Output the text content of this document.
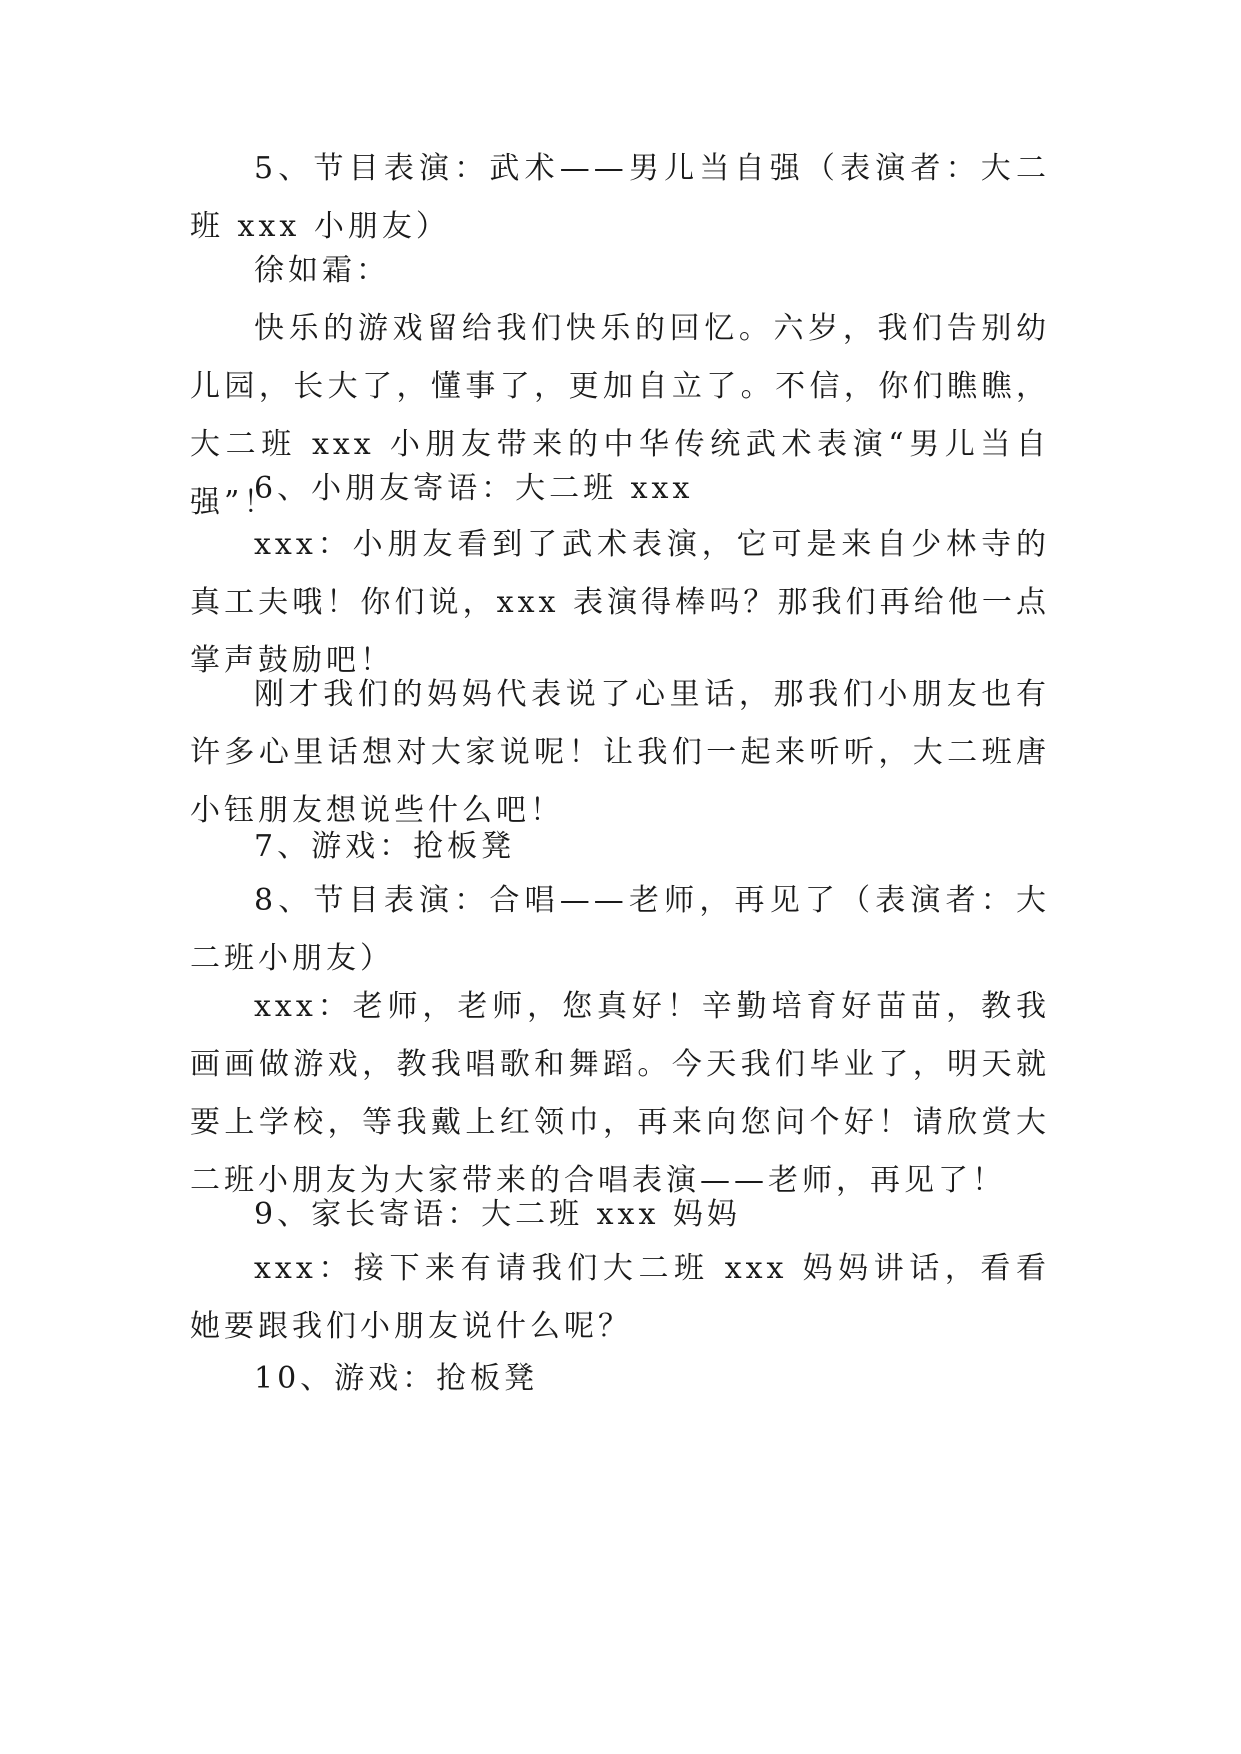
5、节目表演：武术——男儿当自强（表演者：大二班 xxx 小朋友）

徐如霜：

快乐的游戏留给我们快乐的回忆。六岁，我们告别幼儿园，长大了，懂事了，更加自立了。不信，你们瞧瞧，大二班 xxx 小朋友带来的中华传统武术表演“男儿当自强”！

6、小朋友寄语：大二班 xxx

xxx：小朋友看到了武术表演，它可是来自少林寺的真工夫哦！你们说，xxx 表演得棒吗？那我们再给他一点掌声鼓励吧！

刚才我们的妈妈代表说了心里话，那我们小朋友也有许多心里话想对大家说呢！让我们一起来听听，大二班唐小钰朋友想说些什么吧！

7、游戏：抢板凳

8、节目表演：合唱——老师，再见了（表演者：大二班小朋友）

xxx：老师，老师，您真好！辛勤培育好苗苗，教我画画做游戏，教我唱歌和舞蹈。今天我们毕业了，明天就要上学校，等我戴上红领巾，再来向您问个好！请欣赏大二班小朋友为大家带来的合唱表演——老师，再见了！

9、家长寄语：大二班 xxx 妈妈

xxx：接下来有请我们大二班 xxx 妈妈讲话，看看她要跟我们小朋友说什么呢？

10、游戏：抢板凳
